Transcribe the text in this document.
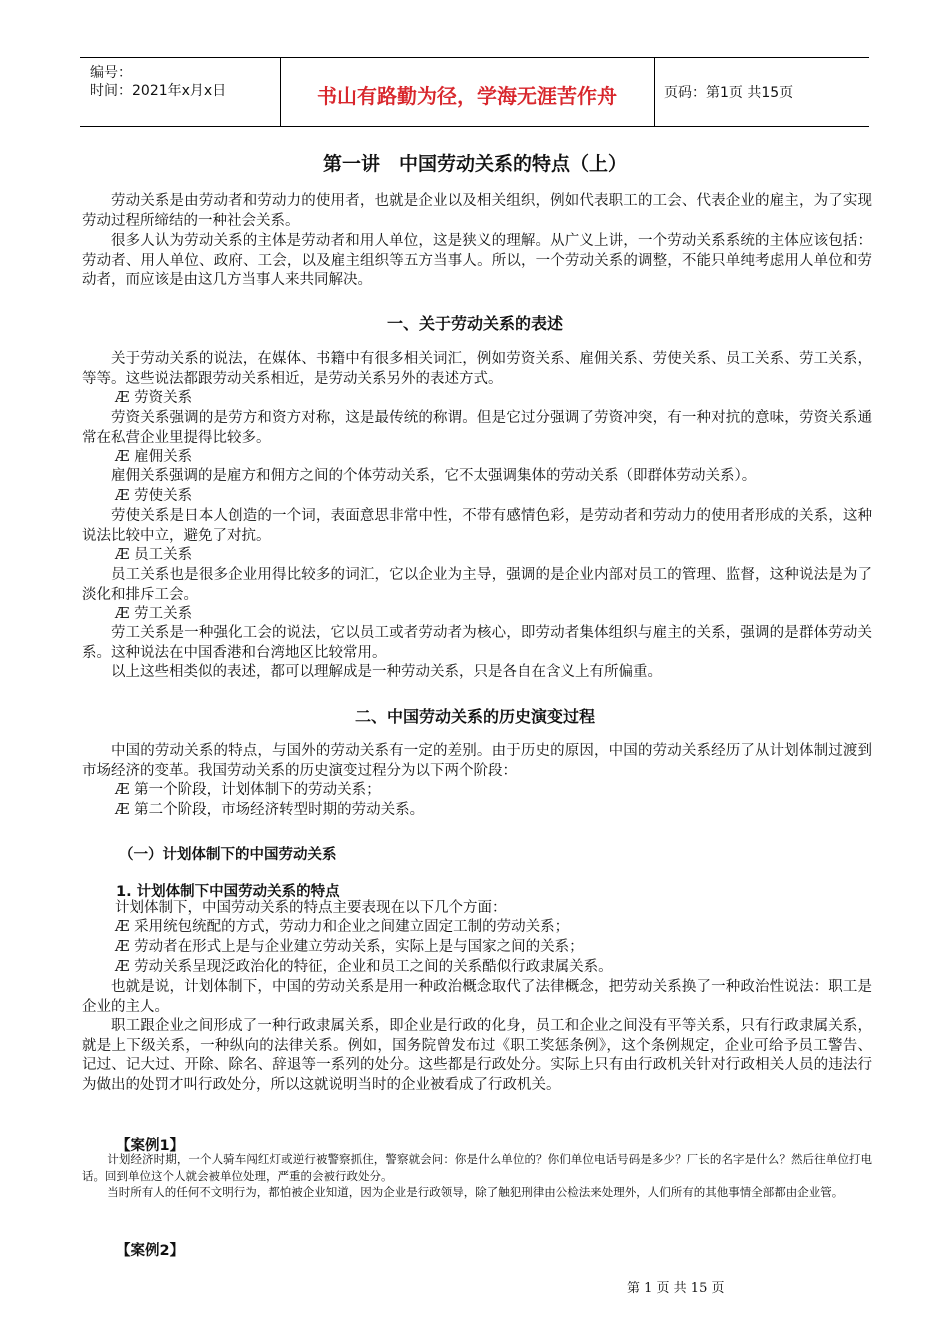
编号：
时间：2021年x月x日	书山有路勤为径，学海无涯苦作舟	页码：第1页 共15页
第一讲　中国劳动关系的特点（上）
劳动关系是由劳动者和劳动力的使用者，也就是企业以及相关组织，例如代表职工的工会、代表企业的雇主，为了实现劳动过程所缔结的一种社会关系。
很多人认为劳动关系的主体是劳动者和用人单位，这是狭义的理解。从广义上讲，一个劳动关系系统的主体应该包括：劳动者、用人单位、政府、工会，以及雇主组织等五方当事人。所以，一个劳动关系的调整，不能只单纯考虑用人单位和劳动者，而应该是由这几方当事人来共同解决。
一、关于劳动关系的表述
关于劳动关系的说法，在媒体、书籍中有很多相关词汇，例如劳资关系、雇佣关系、劳使关系、员工关系、劳工关系，等等。这些说法都跟劳动关系相近，是劳动关系另外的表述方式。
Æ 劳资关系
劳资关系强调的是劳方和资方对称，这是最传统的称谓。但是它过分强调了劳资冲突，有一种对抗的意味，劳资关系通常在私营企业里提得比较多。
Æ 雇佣关系
雇佣关系强调的是雇方和佣方之间的个体劳动关系，它不太强调集体的劳动关系（即群体劳动关系）。
Æ 劳使关系
劳使关系是日本人创造的一个词，表面意思非常中性，不带有感情色彩，是劳动者和劳动力的使用者形成的关系，这种说法比较中立，避免了对抗。
Æ 员工关系
员工关系也是很多企业用得比较多的词汇，它以企业为主导，强调的是企业内部对员工的管理、监督，这种说法是为了淡化和排斥工会。
Æ 劳工关系
劳工关系是一种强化工会的说法，它以员工或者劳动者为核心，即劳动者集体组织与雇主的关系，强调的是群体劳动关系。这种说法在中国香港和台湾地区比较常用。
以上这些相类似的表述，都可以理解成是一种劳动关系，只是各自在含义上有所偏重。
二、中国劳动关系的历史演变过程
中国的劳动关系的特点，与国外的劳动关系有一定的差别。由于历史的原因，中国的劳动关系经历了从计划体制过渡到市场经济的变革。我国劳动关系的历史演变过程分为以下两个阶段：
Æ 第一个阶段，计划体制下的劳动关系；
Æ 第二个阶段，市场经济转型时期的劳动关系。
（一）计划体制下的中国劳动关系
1. 计划体制下中国劳动关系的特点
计划体制下，中国劳动关系的特点主要表现在以下几个方面：
Æ 采用统包统配的方式，劳动力和企业之间建立固定工制的劳动关系；
Æ 劳动者在形式上是与企业建立劳动关系，实际上是与国家之间的关系；
Æ 劳动关系呈现泛政治化的特征，企业和员工之间的关系酷似行政隶属关系。
也就是说，计划体制下，中国的劳动关系是用一种政治概念取代了法律概念，把劳动关系换了一种政治性说法：职工是企业的主人。
职工跟企业之间形成了一种行政隶属关系，即企业是行政的化身，员工和企业之间没有平等关系，只有行政隶属关系，就是上下级关系，一种纵向的法律关系。例如，国务院曾发布过《职工奖惩条例》，这个条例规定，企业可给予员工警告、记过、记大过、开除、除名、辞退等一系列的处分。这些都是行政处分。实际上只有由行政机关针对行政相关人员的违法行为做出的处罚才叫行政处分，所以这就说明当时的企业被看成了行政机关。
【案例1】
计划经济时期，一个人骑车闯红灯或逆行被警察抓住，警察就会问：你是什么单位的？你们单位电话号码是多少？厂长的名字是什么？然后往单位打电话。回到单位这个人就会被单位处理，严重的会被行政处分。
当时所有人的任何不文明行为，都怕被企业知道，因为企业是行政领导，除了触犯刑律由公检法来处理外，人们所有的其他事情全部都由企业管。
【案例2】
第 1 页 共 15 页
